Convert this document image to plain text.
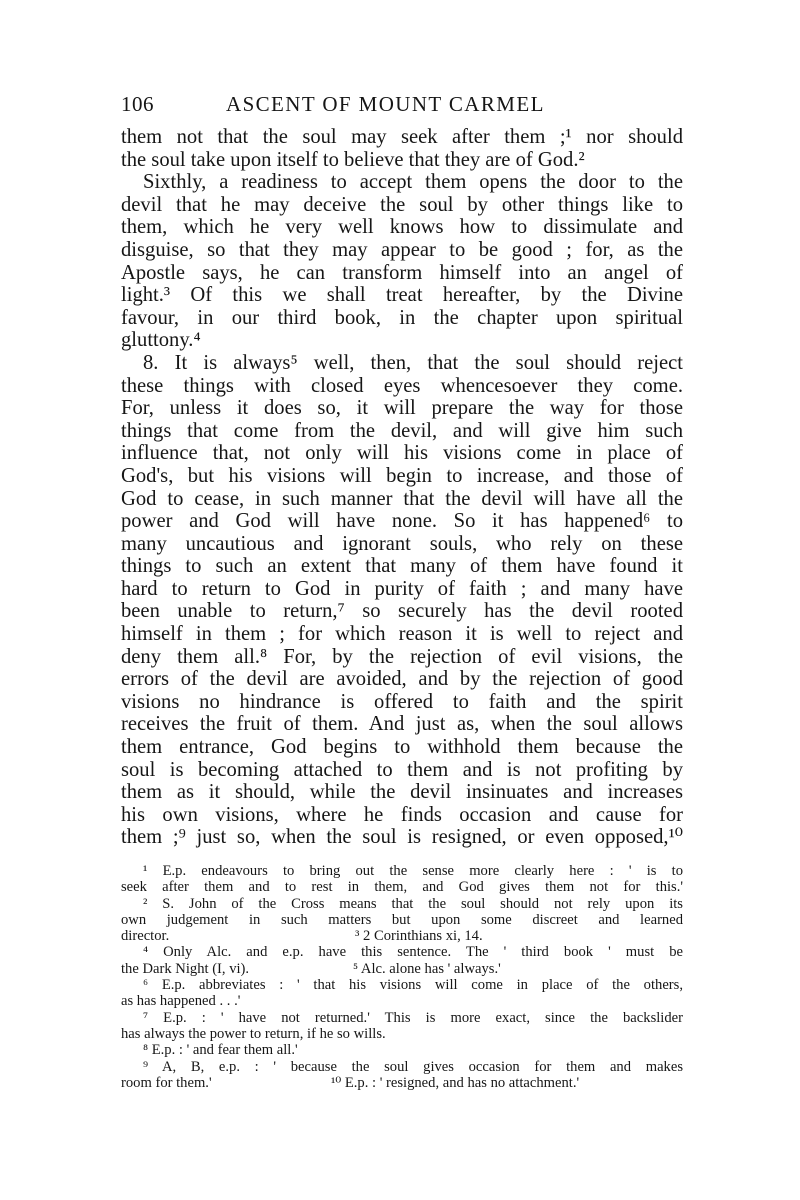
106	ASCENT OF MOUNT CARMEL
them not that the soul may seek after them ;¹ nor should
the soul take upon itself to believe that they are of God.²
Sixthly, a readiness to accept them opens the door to the
devil that he may deceive the soul by other things like to
them, which he very well knows how to dissimulate and
disguise, so that they may appear to be good ; for, as the
Apostle says, he can transform himself into an angel of
light.³ Of this we shall treat hereafter, by the Divine
favour, in our third book, in the chapter upon spiritual
gluttony.⁴
8. It is always⁵ well, then, that the soul should reject
these things with closed eyes whencesoever they come.
For, unless it does so, it will prepare the way for those
things that come from the devil, and will give him such
influence that, not only will his visions come in place of
God's, but his visions will begin to increase, and those of
God to cease, in such manner that the devil will have all the
power and God will have none. So it has happened⁶ to
many uncautious and ignorant souls, who rely on these
things to such an extent that many of them have found it
hard to return to God in purity of faith ; and many have
been unable to return,⁷ so securely has the devil rooted
himself in them ; for which reason it is well to reject and
deny them all.⁸ For, by the rejection of evil visions, the
errors of the devil are avoided, and by the rejection of good
visions no hindrance is offered to faith and the spirit
receives the fruit of them. And just as, when the soul allows
them entrance, God begins to withhold them because the
soul is becoming attached to them and is not profiting by
them as it should, while the devil insinuates and increases
his own visions, where he finds occasion and cause for
them ;⁹ just so, when the soul is resigned, or even opposed,¹⁰
¹ E.p. endeavours to bring out the sense more clearly here : ' is to
seek after them and to rest in them, and God gives them not for this.'
² S. John of the Cross means that the soul should not rely upon its
own judgement in such matters but upon some discreet and learned
director.	³ 2 Corinthians xi, 14.
⁴ Only Alc. and e.p. have this sentence. The ' third book ' must be
the Dark Night (I, vi).	⁵ Alc. alone has ' always.'
⁶ E.p. abbreviates : ' that his visions will come in place of the others,
as has happened . . .'
⁷ E.p. : ' have not returned.' This is more exact, since the backslider
has always the power to return, if he so wills.
⁸ E.p. : ' and fear them all.'
⁹ A, B, e.p. : ' because the soul gives occasion for them and makes
room for them.'	¹⁰ E.p. : ' resigned, and has no attachment.'
